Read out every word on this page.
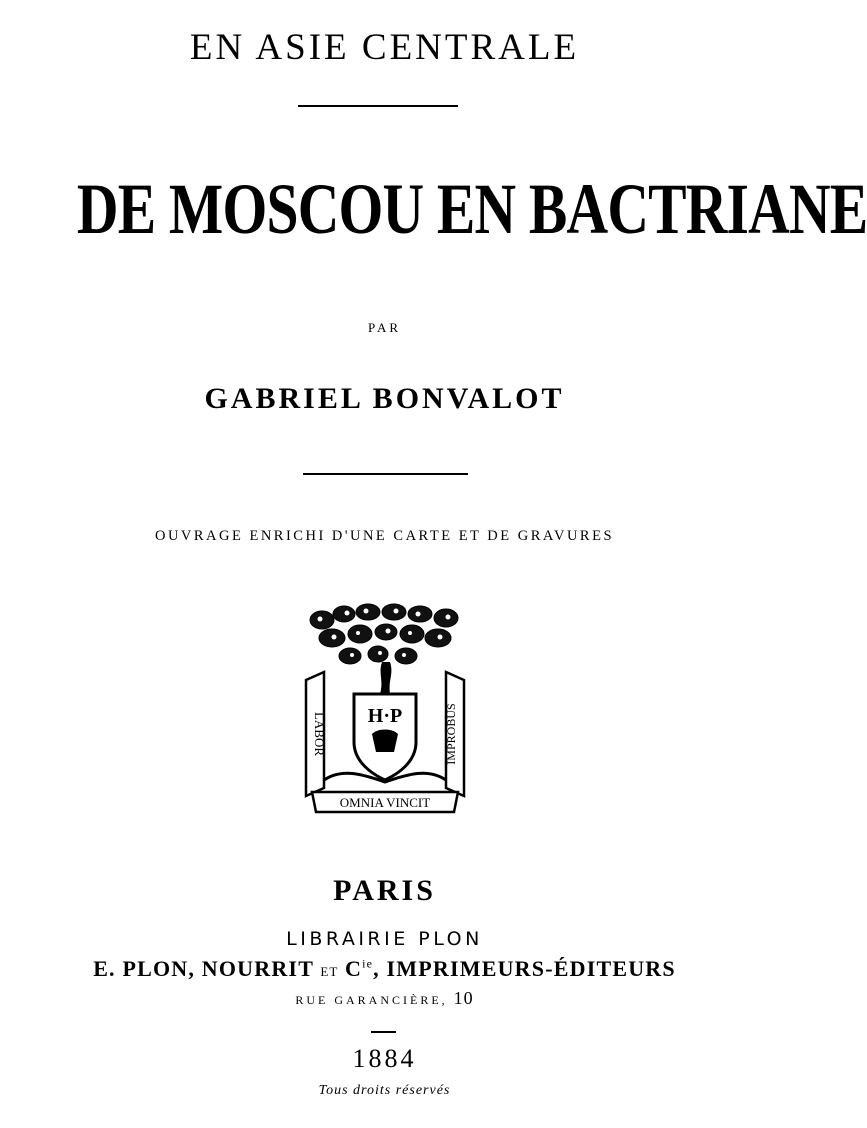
EN ASIE CENTRALE
DE MOSCOU EN BACTRIANE
PAR
GABRIEL BONVALOT
OUVRAGE ENRICHI D'UNE CARTE ET DE GRAVURES
H·P
LABOR	IMPROBUS
OMNIA VINCIT
PARIS
LIBRAIRIE PLON
E. PLON, NOURRIT ET $C^{ie}$, IMPRIMEURS-ÉDITEURS
RUE GARANCIÈRE, 10
1884
Tous droits réservés
